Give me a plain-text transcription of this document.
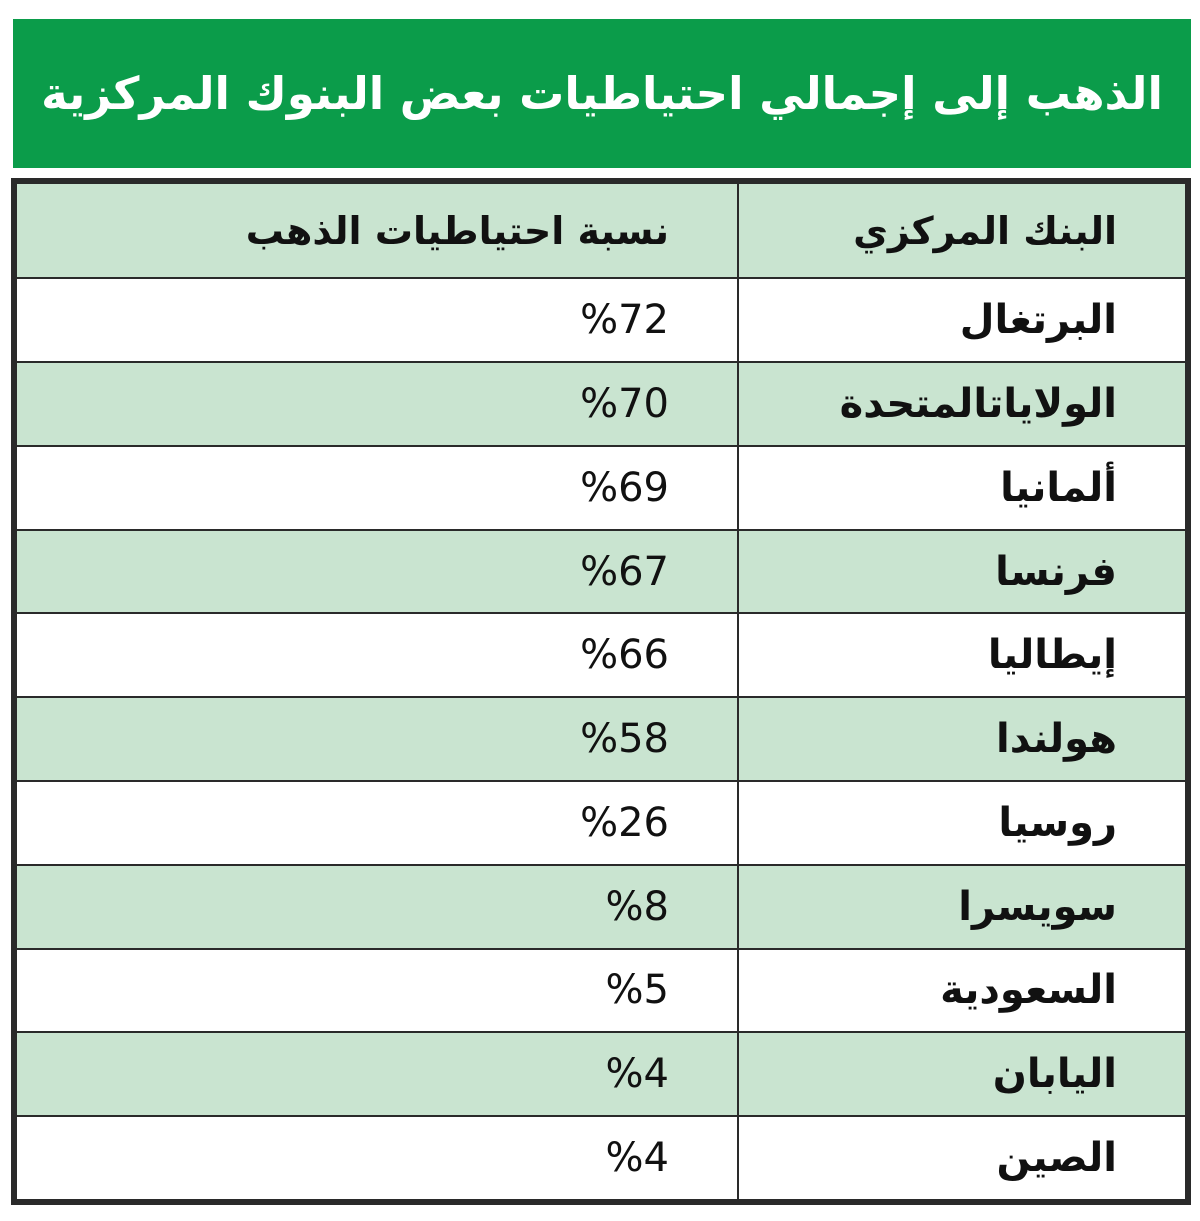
الذهب إلى إجمالي احتياطيات بعض البنوك المركزية
البنك المركزي	نسبة احتياطيات الذهب
البرتغال	%72
الولاياتالمتحدة	%70
ألمانيا	%69
فرنسا	%67
إيطاليا	%66
هولندا	%58
روسيا	%26
سويسرا	%8
السعودية	%5
اليابان	%4
الصين	%4
